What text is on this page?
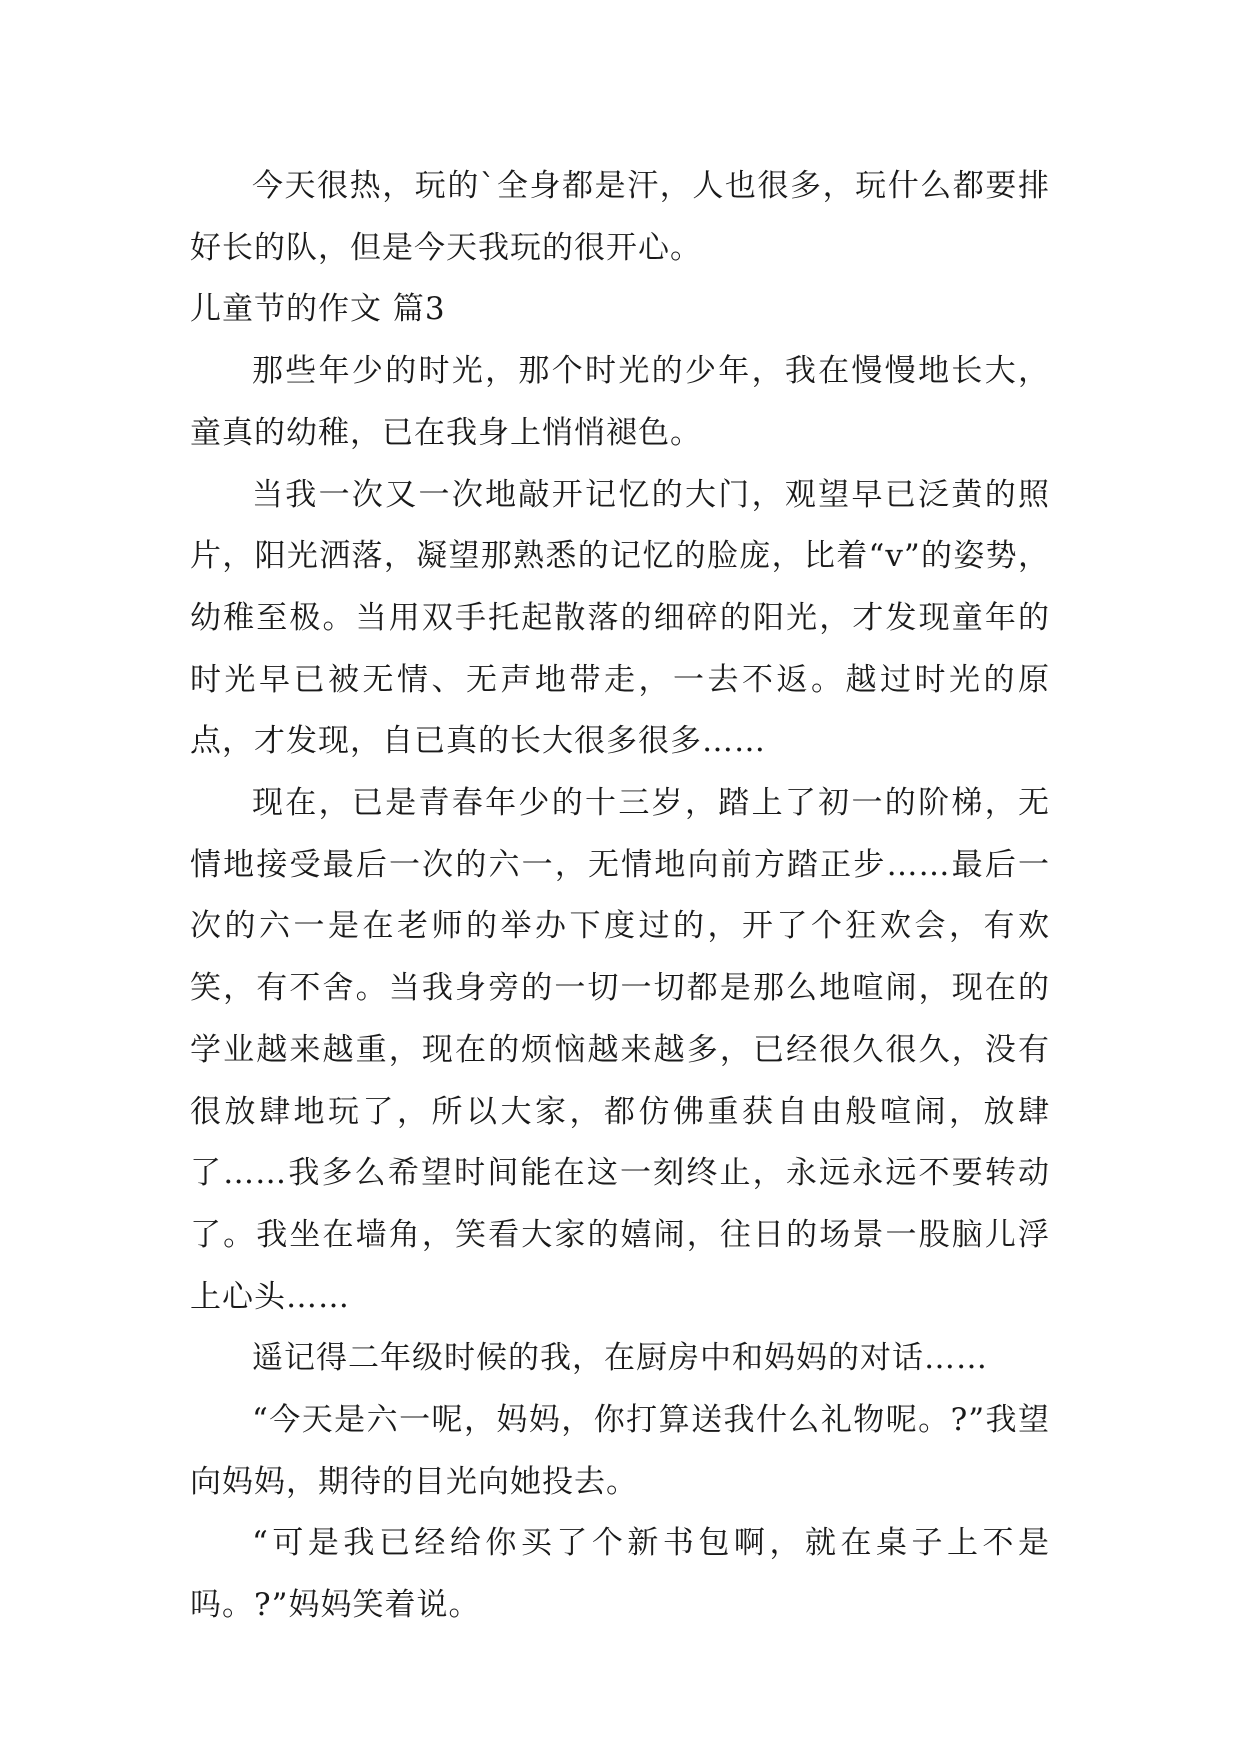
今天很热，玩的`全身都是汗，人也很多，玩什么都要排好长的队，但是今天我玩的很开心。

儿童节的作文 篇3

那些年少的时光，那个时光的少年，我在慢慢地长大，童真的幼稚，已在我身上悄悄褪色。

当我一次又一次地敲开记忆的大门，观望早已泛黄的照片，阳光洒落，凝望那熟悉的记忆的脸庞，比着“v”的姿势，幼稚至极。当用双手托起散落的细碎的阳光，才发现童年的时光早已被无情、无声地带走，一去不返。越过时光的原点，才发现，自已真的长大很多很多……

现在，已是青春年少的十三岁，踏上了初一的阶梯，无情地接受最后一次的六一，无情地向前方踏正步……最后一次的六一是在老师的举办下度过的，开了个狂欢会，有欢笑，有不舍。当我身旁的一切一切都是那么地喧闹，现在的学业越来越重，现在的烦恼越来越多，已经很久很久，没有很放肆地玩了，所以大家，都仿佛重获自由般喧闹，放肆了……我多么希望时间能在这一刻终止，永远永远不要转动了。我坐在墙角，笑看大家的嬉闹，往日的场景一股脑儿浮上心头……

遥记得二年级时候的我，在厨房中和妈妈的对话……

“今天是六一呢，妈妈，你打算送我什么礼物呢。?”我望向妈妈，期待的目光向她投去。

“可是我已经给你买了个新书包啊，就在桌子上不是吗。?”妈妈笑着说。
